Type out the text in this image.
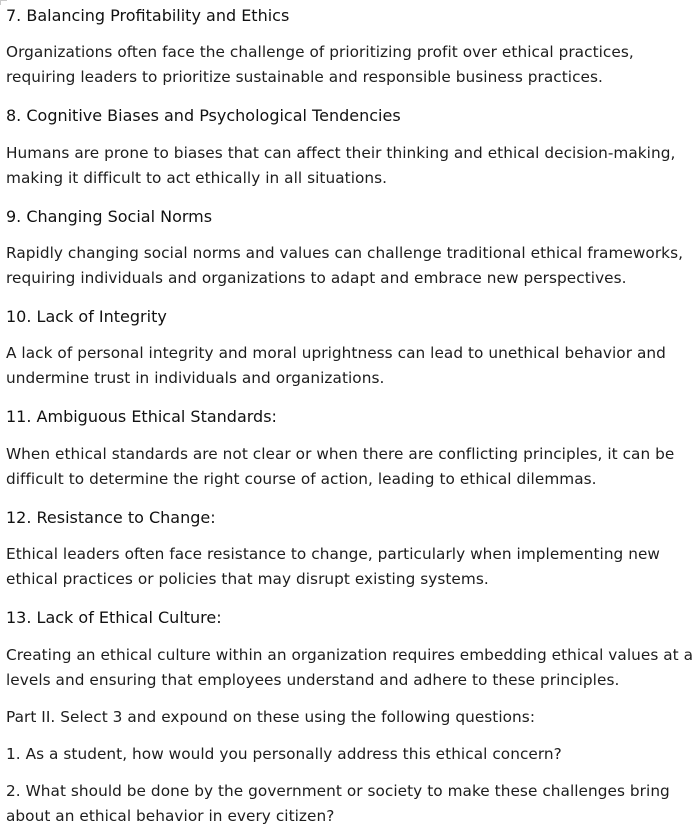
7. Balancing Profitability and Ethics
Organizations often face the challenge of prioritizing profit over ethical practices,
requiring leaders to prioritize sustainable and responsible business practices.
8. Cognitive Biases and Psychological Tendencies
Humans are prone to biases that can affect their thinking and ethical decision-making,
making it difficult to act ethically in all situations.
9. Changing Social Norms
Rapidly changing social norms and values can challenge traditional ethical frameworks,
requiring individuals and organizations to adapt and embrace new perspectives.
10. Lack of Integrity
A lack of personal integrity and moral uprightness can lead to unethical behavior and
undermine trust in individuals and organizations.
11. Ambiguous Ethical Standards:
When ethical standards are not clear or when there are conflicting principles, it can be
difficult to determine the right course of action, leading to ethical dilemmas.
12. Resistance to Change:
Ethical leaders often face resistance to change, particularly when implementing new
ethical practices or policies that may disrupt existing systems.
13. Lack of Ethical Culture:
Creating an ethical culture within an organization requires embedding ethical values at a
levels and ensuring that employees understand and adhere to these principles.
Part II. Select 3 and expound on these using the following questions:
1. As a student, how would you personally address this ethical concern?
2. What should be done by the government or society to make these challenges bring
about an ethical behavior in every citizen?
